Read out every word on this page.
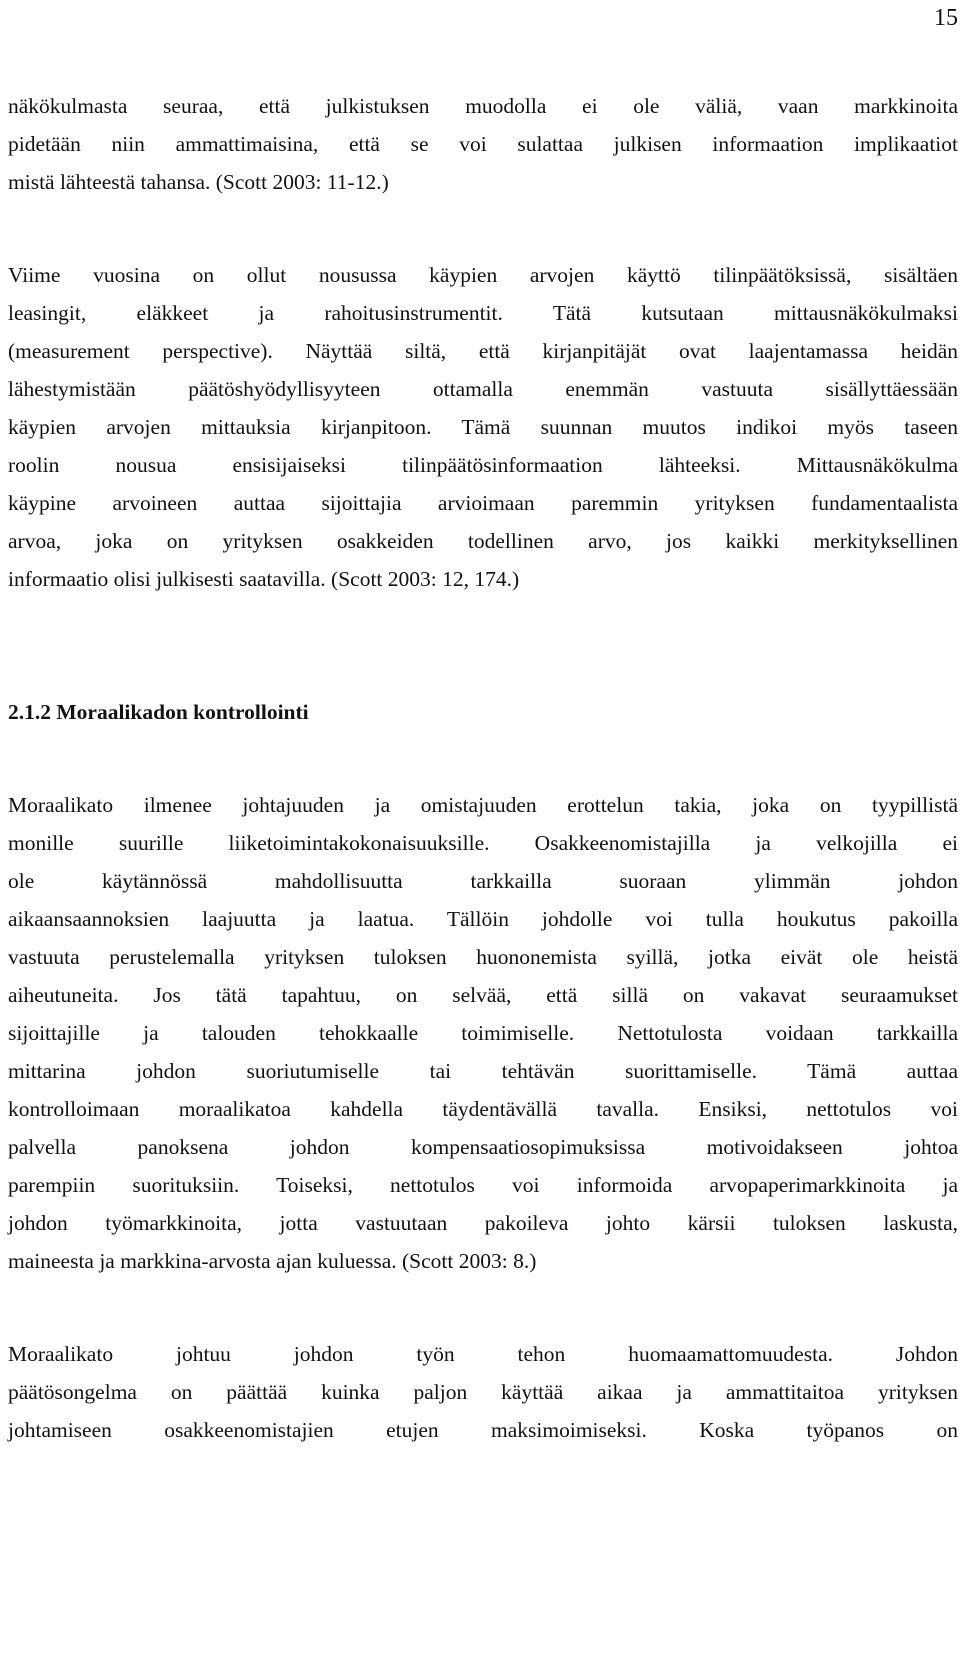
15
näkökulmasta seuraa, että julkistuksen muodolla ei ole väliä, vaan markkinoita
pidetään niin ammattimaisina, että se voi sulattaa julkisen informaation implikaatiot
mistä lähteestä tahansa. (Scott 2003: 11-12.)
Viime vuosina on ollut nousussa käypien arvojen käyttö tilinpäätöksissä, sisältäen
leasingit, eläkkeet ja rahoitusinstrumentit. Tätä kutsutaan mittausnäkökulmaksi
(measurement perspective). Näyttää siltä, että kirjanpitäjät ovat laajentamassa heidän
lähestymistään päätöshyödyllisyyteen ottamalla enemmän vastuuta sisällyttäessään
käypien arvojen mittauksia kirjanpitoon. Tämä suunnan muutos indikoi myös taseen
roolin nousua ensisijaiseksi tilinpäätösinformaation lähteeksi. Mittausnäkökulma
käypine arvoineen auttaa sijoittajia arvioimaan paremmin yrityksen fundamentaalista
arvoa, joka on yrityksen osakkeiden todellinen arvo, jos kaikki merkityksellinen
informaatio olisi julkisesti saatavilla. (Scott 2003: 12, 174.)
2.1.2 Moraalikadon kontrollointi
Moraalikato ilmenee johtajuuden ja omistajuuden erottelun takia, joka on tyypillistä
monille suurille liiketoimintakokonaisuuksille. Osakkeenomistajilla ja velkojilla ei
ole käytännössä mahdollisuutta tarkkailla suoraan ylimmän johdon
aikaansaannoksien laajuutta ja laatua. Tällöin johdolle voi tulla houkutus pakoilla
vastuuta perustelemalla yrityksen tuloksen huononemista syillä, jotka eivät ole heistä
aiheutuneita. Jos tätä tapahtuu, on selvää, että sillä on vakavat seuraamukset
sijoittajille ja talouden tehokkaalle toimimiselle. Nettotulosta voidaan tarkkailla
mittarina johdon suoriutumiselle tai tehtävän suorittamiselle. Tämä auttaa
kontrolloimaan moraalikatoa kahdella täydentävällä tavalla. Ensiksi, nettotulos voi
palvella panoksena johdon kompensaatiosopimuksissa motivoidakseen johtoa
parempiin suorituksiin. Toiseksi, nettotulos voi informoida arvopaperimarkkinoita ja
johdon työmarkkinoita, jotta vastuutaan pakoileva johto kärsii tuloksen laskusta,
maineesta ja markkina-arvosta ajan kuluessa. (Scott 2003: 8.)
Moraalikato johtuu johdon työn tehon huomaamattomuudesta. Johdon
päätösongelma on päättää kuinka paljon käyttää aikaa ja ammattitaitoa yrityksen
johtamiseen osakkeenomistajien etujen maksimoimiseksi. Koska työpanos on
